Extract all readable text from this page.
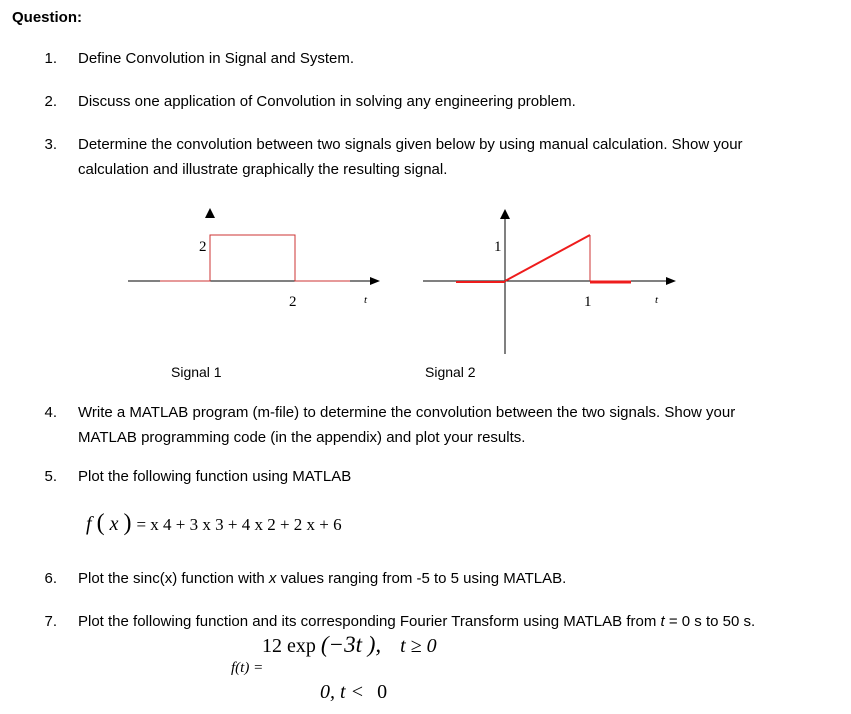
Question:
1. Define Convolution in Signal and System.
2. Discuss one application of Convolution in solving any engineering problem.
3. Determine the convolution between two signals given below by using manual calculation. Show your
calculation and illustrate graphically the resulting signal.
2
2	t
1
1	t
Signal 1	Signal 2
4. Write a MATLAB program (m-file) to determine the convolution between the two signals. Show your
MATLAB programming code (in the appendix) and plot your results.
5. Plot the following function using MATLAB
f ( x ) = x 4 + 3 x 3 + 4 x 2 + 2 x + 6
6. Plot the sinc(x) function with x values ranging from -5 to 5 using MATLAB.
7. Plot the following function and its corresponding Fourier Transform using MATLAB from t = 0 s to 50 s.
12 exp (−3t ), t ≥ 0
f(t) =
0, t < 0
